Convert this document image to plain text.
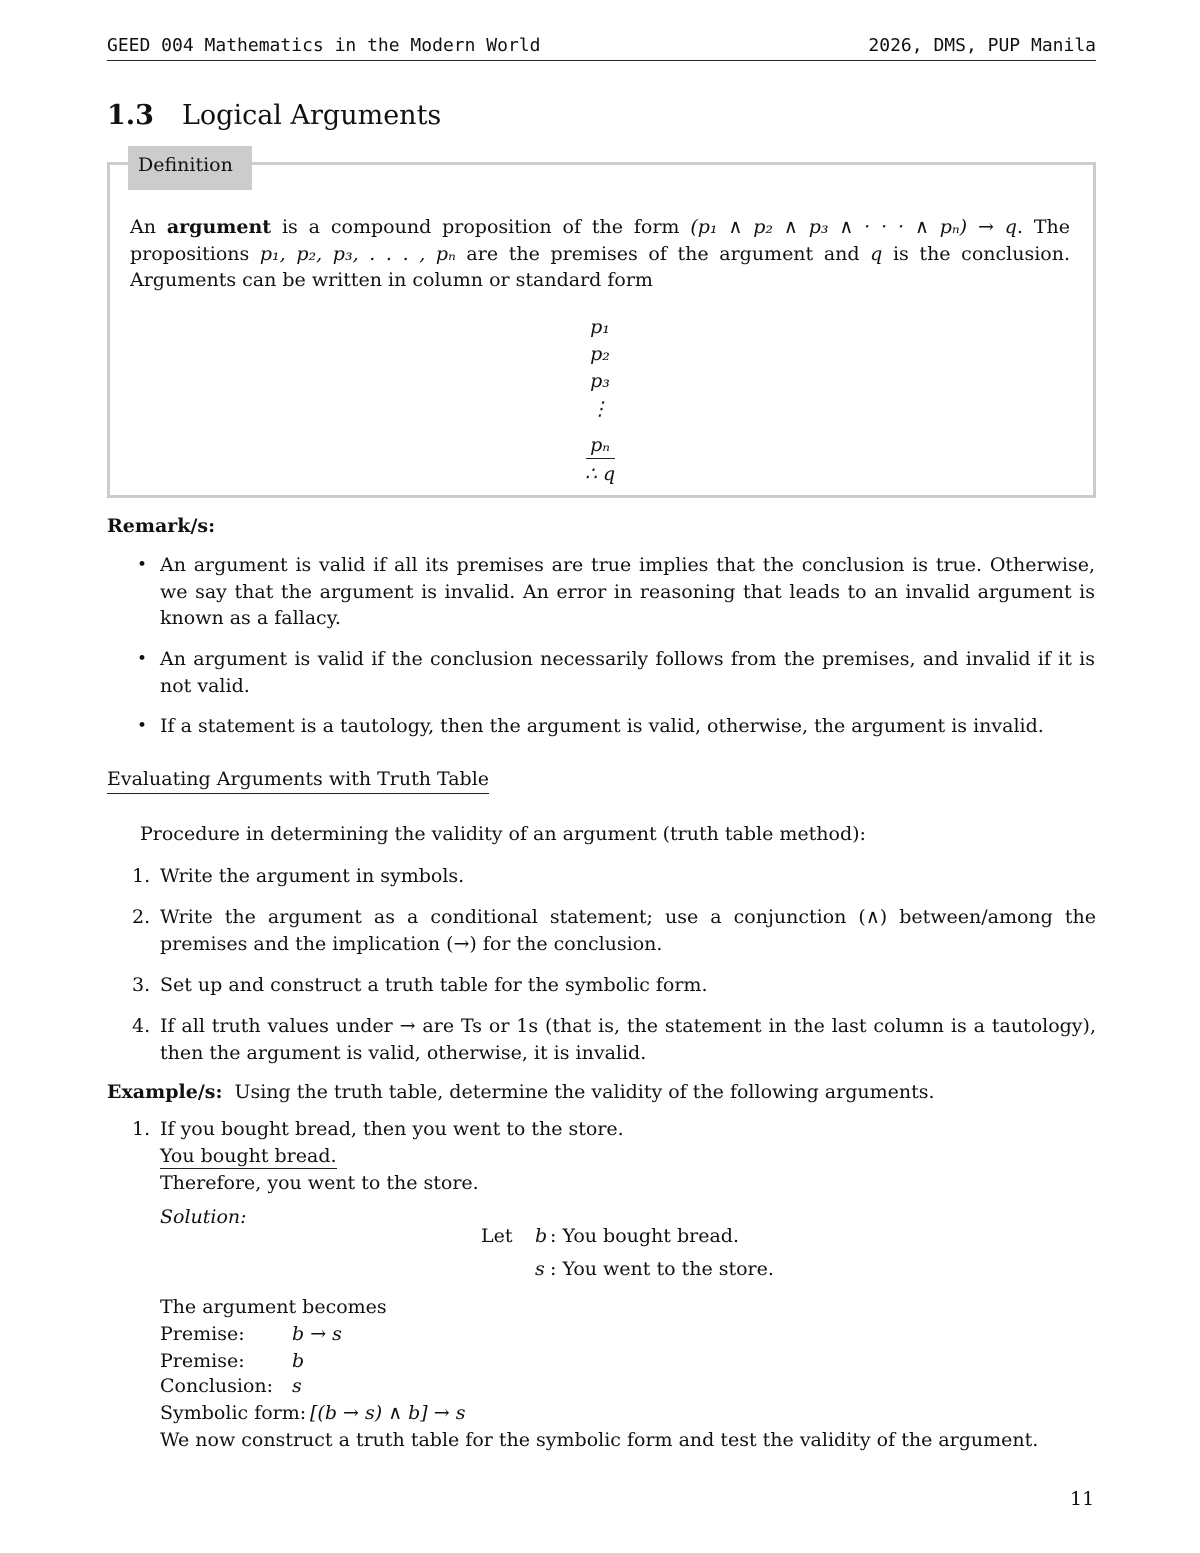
GEED 004 Mathematics in the Modern World	2026, DMS, PUP Manila
1.3 Logical Arguments
Definition
An argument is a compound proposition of the form (p₁ ∧ p₂ ∧ p₃ ∧ · · · ∧ pₙ) → q. The propositions p₁, p₂, p₃, . . . , pₙ are the premises of the argument and q is the conclusion. Arguments can be written in column or standard form
p₁
p₂
p₃
⋮
pₙ
∴ q
Remark/s:
• An argument is valid if all its premises are true implies that the conclusion is true. Otherwise, we say that the argument is invalid. An error in reasoning that leads to an invalid argument is known as a fallacy.
• An argument is valid if the conclusion necessarily follows from the premises, and invalid if it is not valid.
• If a statement is a tautology, then the argument is valid, otherwise, the argument is invalid.
Evaluating Arguments with Truth Table
Procedure in determining the validity of an argument (truth table method):
1. Write the argument in symbols.
2. Write the argument as a conditional statement; use a conjunction (∧) between/among the premises and the implication (→) for the conclusion.
3. Set up and construct a truth table for the symbolic form.
4. If all truth values under → are Ts or 1s (that is, the statement in the last column is a tautology), then the argument is valid, otherwise, it is invalid.
Example/s: Using the truth table, determine the validity of the following arguments.
1. If you bought bread, then you went to the store.
You bought bread.
Therefore, you went to the store.
Solution:
Let b : You bought bread.
s : You went to the store.
The argument becomes
Premise: b → s
Premise: b
Conclusion: s
Symbolic form: [(b → s) ∧ b] → s
We now construct a truth table for the symbolic form and test the validity of the argument.
11
